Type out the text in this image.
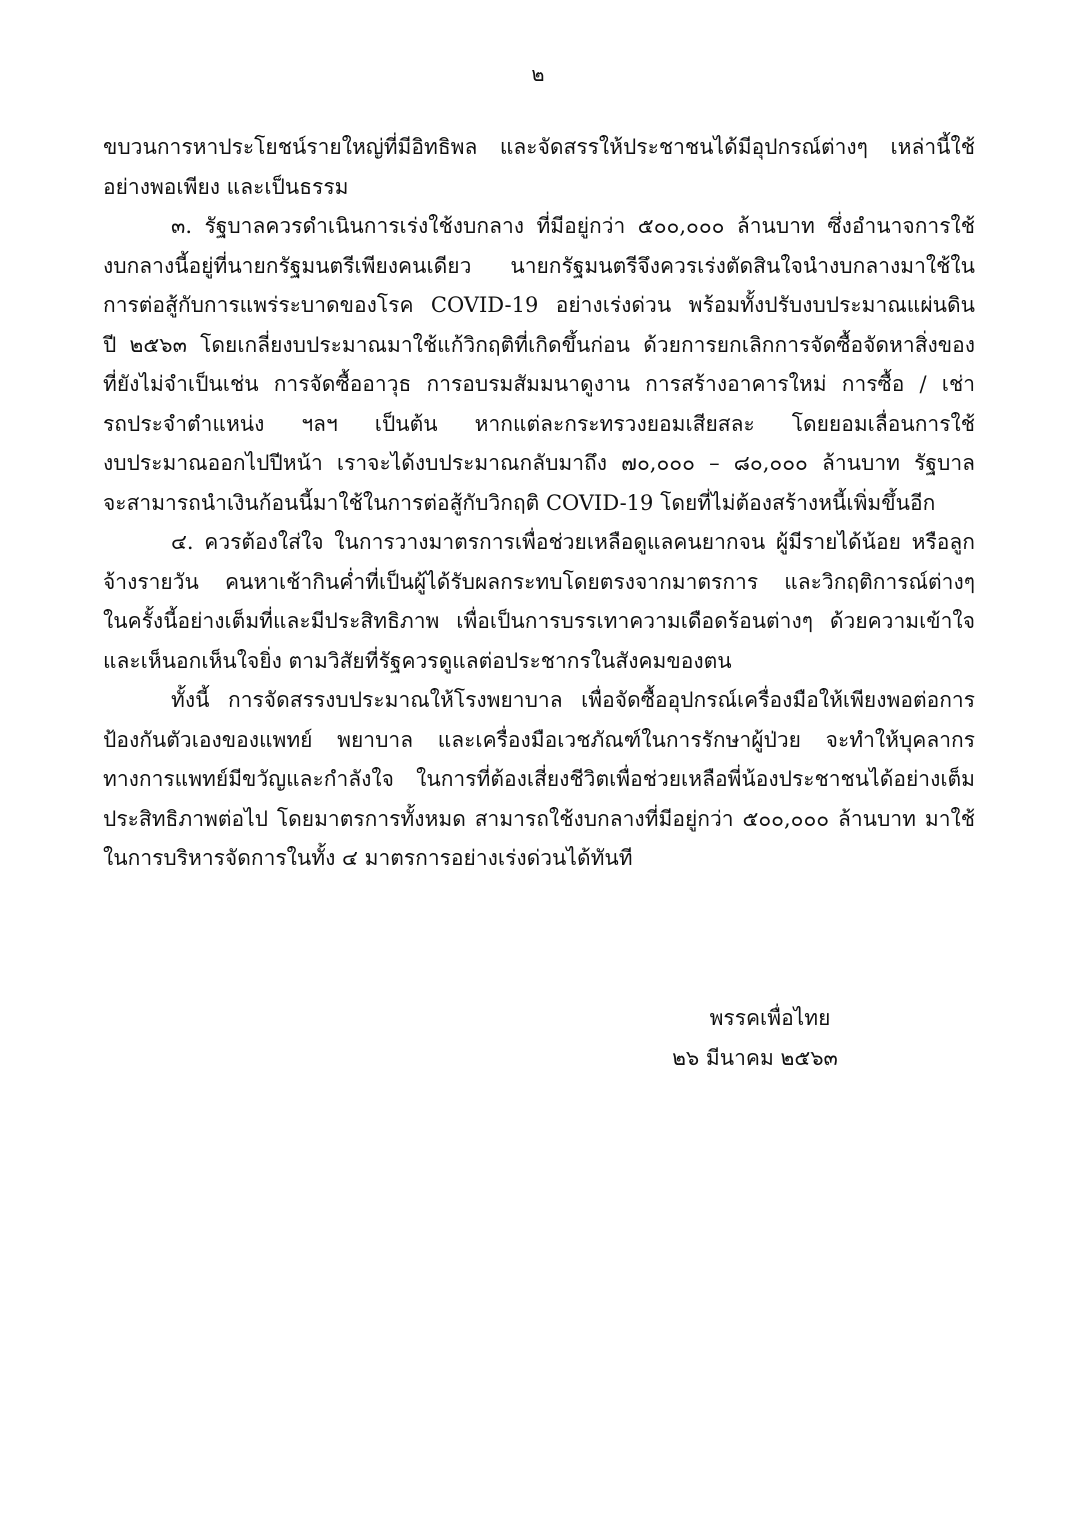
๒
ขบวนการหาประโยชน์รายใหญ่ที่มีอิทธิพล และจัดสรรให้ประชาชนได้มีอุปกรณ์ต่างๆ เหล่านี้ใช้
อย่างพอเพียง และเป็นธรรม
๓. รัฐบาลควรดำเนินการเร่งใช้งบกลาง ที่มีอยู่กว่า ๕๐๐,๐๐๐ ล้านบาท ซึ่งอำนาจการใช้
งบกลางนี้อยู่ที่นายกรัฐมนตรีเพียงคนเดียว นายกรัฐมนตรีจึงควรเร่งตัดสินใจนำงบกลางมาใช้ใน
การต่อสู้กับการแพร่ระบาดของโรค COVID-19 อย่างเร่งด่วน พร้อมทั้งปรับงบประมาณแผ่นดิน
ปี ๒๕๖๓ โดยเกลี่ยงบประมาณมาใช้แก้วิกฤติที่เกิดขึ้นก่อน ด้วยการยกเลิกการจัดซื้อจัดหาสิ่งของ
ที่ยังไม่จำเป็นเช่น การจัดซื้ออาวุธ การอบรมสัมมนาดูงาน การสร้างอาคารใหม่ การซื้อ / เช่า
รถประจำตำแหน่ง ฯลฯ เป็นต้น หากแต่ละกระทรวงยอมเสียสละ โดยยอมเลื่อนการใช้
งบประมาณออกไปปีหน้า เราจะได้งบประมาณกลับมาถึง ๗๐,๐๐๐ – ๘๐,๐๐๐ ล้านบาท รัฐบาล
จะสามารถนำเงินก้อนนี้มาใช้ในการต่อสู้กับวิกฤติ COVID-19 โดยที่ไม่ต้องสร้างหนี้เพิ่มขึ้นอีก
๔. ควรต้องใส่ใจ ในการวางมาตรการเพื่อช่วยเหลือดูแลคนยากจน ผู้มีรายได้น้อย หรือลูก
จ้างรายวัน คนหาเช้ากินค่ำที่เป็นผู้ได้รับผลกระทบโดยตรงจากมาตรการ และวิกฤติการณ์ต่างๆ
ในครั้งนี้อย่างเต็มที่และมีประสิทธิภาพ เพื่อเป็นการบรรเทาความเดือดร้อนต่างๆ ด้วยความเข้าใจ
และเห็นอกเห็นใจยิ่ง ตามวิสัยที่รัฐควรดูแลต่อประชากรในสังคมของตน
ทั้งนี้ การจัดสรรงบประมาณให้โรงพยาบาล เพื่อจัดซื้ออุปกรณ์เครื่องมือให้เพียงพอต่อการ
ป้องกันตัวเองของแพทย์ พยาบาล และเครื่องมือเวชภัณฑ์ในการรักษาผู้ป่วย จะทำให้บุคลากร
ทางการแพทย์มีขวัญและกำลังใจ ในการที่ต้องเสี่ยงชีวิตเพื่อช่วยเหลือพี่น้องประชาชนได้อย่างเต็ม
ประสิทธิภาพต่อไป โดยมาตรการทั้งหมด สามารถใช้งบกลางที่มีอยู่กว่า ๕๐๐,๐๐๐ ล้านบาท มาใช้
ในการบริหารจัดการในทั้ง ๔ มาตรการอย่างเร่งด่วนได้ทันที
พรรคเพื่อไทย
๒๖ มีนาคม ๒๕๖๓
